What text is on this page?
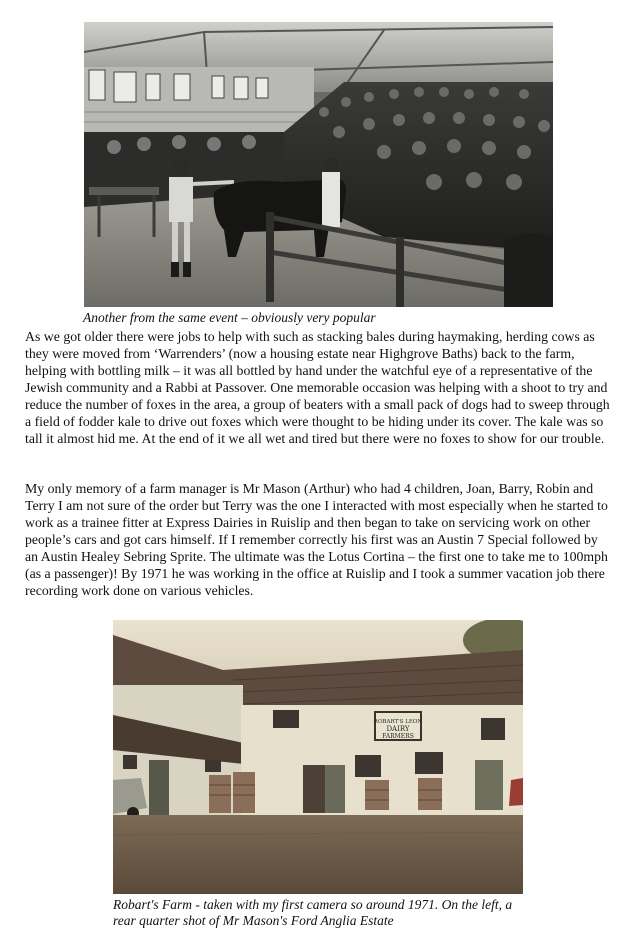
Another from the same event – obviously very popular

As we got older there were jobs to help with such as stacking bales during haymaking, herding cows as they were moved from ‘Warrenders’ (now a housing estate near Highgrove Baths) back to the farm, helping with bottling milk – it was all bottled by hand under the watchful eye of a representative of the Jewish community and a Rabbi at Passover. One memorable occasion was helping with a shoot to try and reduce the number of foxes in the area, a group of beaters with a small pack of dogs had to sweep through a field of fodder kale to drive out foxes which were thought to be hiding under its cover. The kale was so tall it almost hid me. At the end of it we all wet and tired but there were no foxes to show for our trouble.

My only memory of a farm manager is Mr Mason (Arthur) who had 4 children, Joan, Barry, Robin and Terry I am not sure of the order but Terry was the one I interacted with most especially when he started to work as a trainee fitter at Express Dairies in Ruislip and then began to take on servicing work on other people’s cars and got cars himself. If I remember correctly his first was an Austin 7 Special followed by an Austin Healey Sebring Sprite. The ultimate was the Lotus Cortina – the first one to take me to 100mph (as a passenger)! By 1971 he was working in the office at Ruislip and I took a summer vacation job there recording work done on various vehicles.

ROBART'S LEON
DAIRY
FARMERS

Robart's Farm - taken with my first camera so around 1971. On the left, a rear quarter shot of Mr Mason's Ford Anglia Estate
